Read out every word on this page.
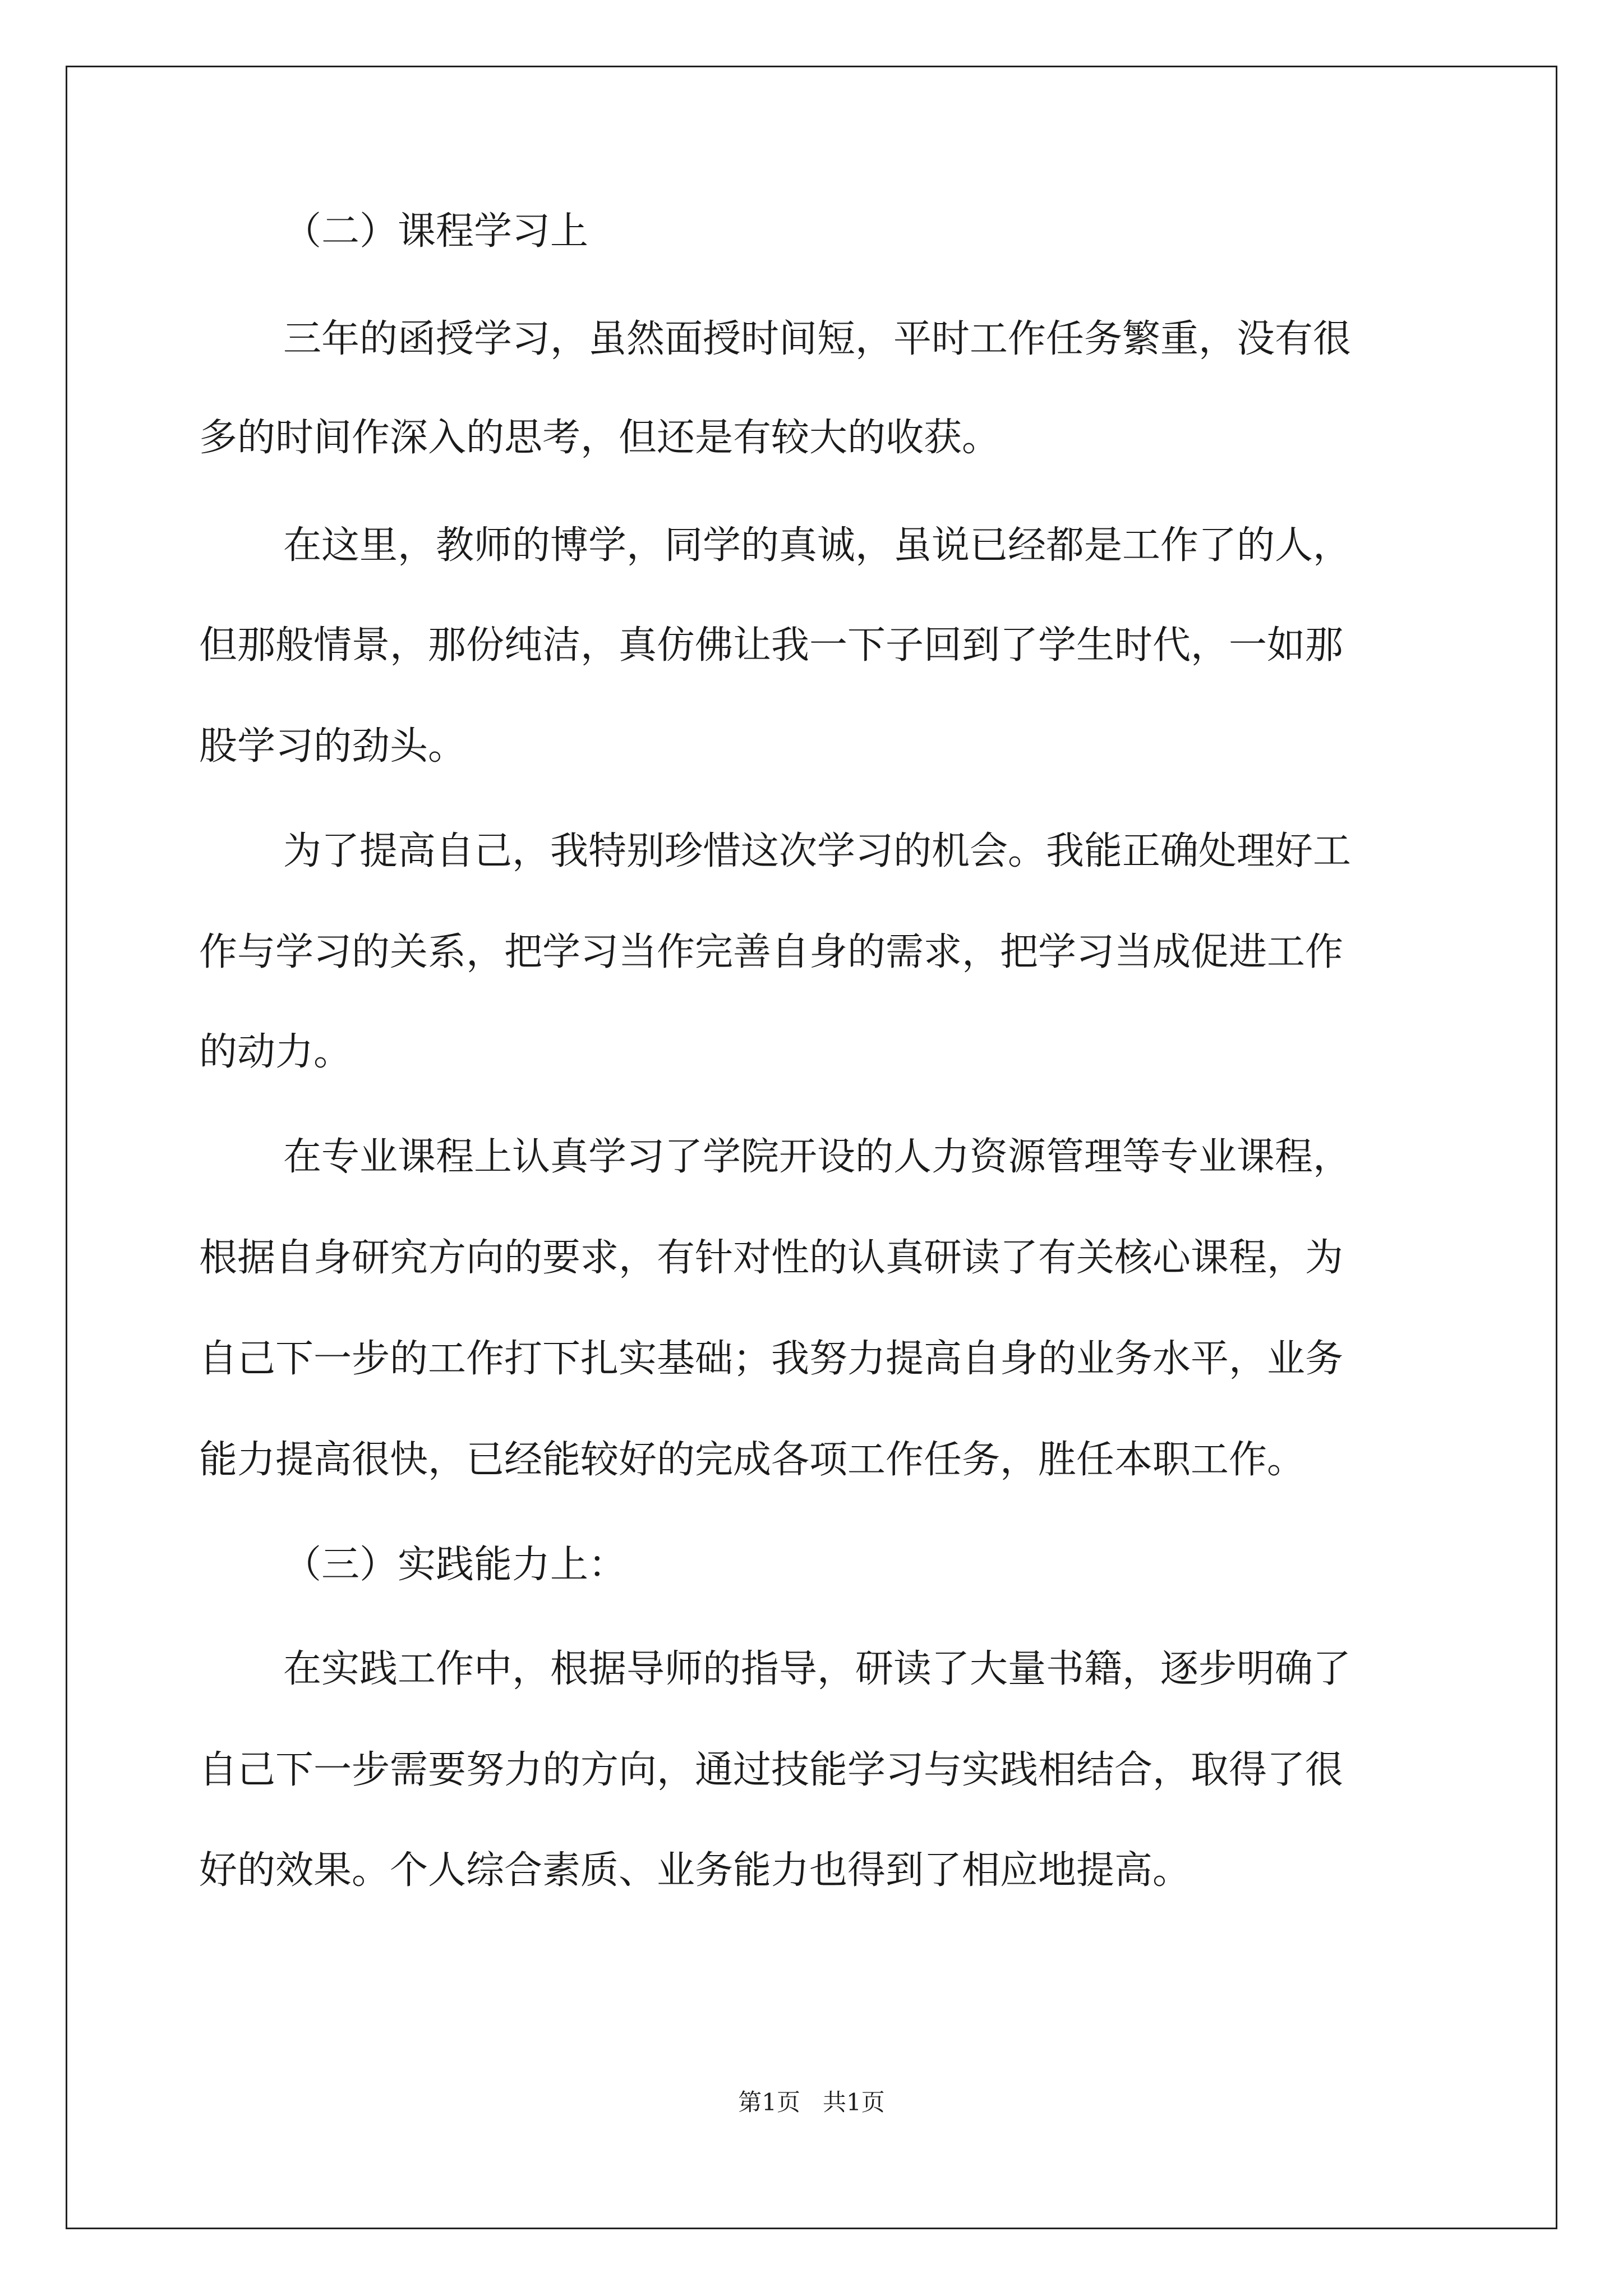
（二）课程学习上
三年的函授学习，虽然面授时间短，平时工作任务繁重，没有很
多的时间作深入的思考，但还是有较大的收获。
在这里，教师的博学，同学的真诚，虽说已经都是工作了的人，
但那般情景，那份纯洁，真仿佛让我一下子回到了学生时代，一如那
股学习的劲头。
为了提高自己，我特别珍惜这次学习的机会。我能正确处理好工
作与学习的关系，把学习当作完善自身的需求，把学习当成促进工作
的动力。
在专业课程上认真学习了学院开设的人力资源管理等专业课程，
根据自身研究方向的要求，有针对性的认真研读了有关核心课程，为
自己下一步的工作打下扎实基础；我努力提高自身的业务水平，业务
能力提高很快，已经能较好的完成各项工作任务，胜任本职工作。
（三）实践能力上：
在实践工作中，根据导师的指导，研读了大量书籍，逐步明确了
自己下一步需要努力的方向，通过技能学习与实践相结合，取得了很
好的效果。个人综合素质、业务能力也得到了相应地提高。
第1页   共1页
